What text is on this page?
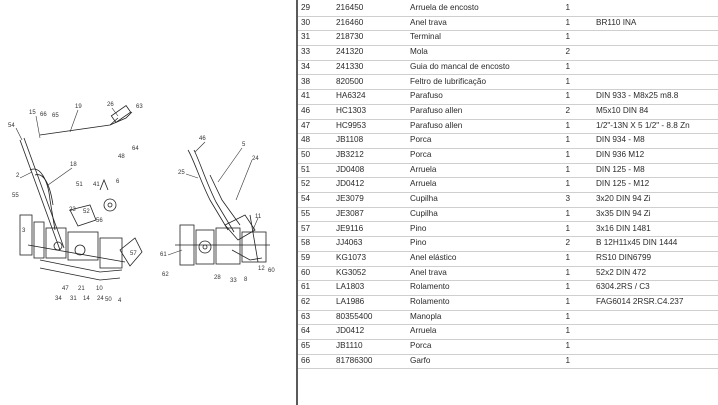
15 66 65
19	26	63
54
64
48
18
2
51 41	6
55
23 52
56
3
47 21 10
57
34 31 14 24 50 4
46
5
25
24
11
61
62	28 33 8
12 60
29	216450	Arruela de encosto	1
30	216460	Anel trava	1	BR110 INA
31	218730	Terminal	1
33	241320	Mola	2
34	241330	Guia do mancal de encosto	1
38	820500	Feltro de lubrificação	1
41	HA6324	Parafuso	1	DIN 933 - M8x25 m8.8
46	HC1303	Parafuso allen	2	M5x10 DIN 84
47	HC9953	Parafuso allen	1	1/2"-13N X 5 1/2" - 8.8 Zn
48	JB1108	Porca	1	DIN 934 - M8
50	JB3212	Porca	1	DIN 936 M12
51	JD0408	Arruela	1	DIN 125 - M8
52	JD0412	Arruela	1	DIN 125 - M12
54	JE3079	Cupilha	3	3x20 DIN 94 Zi
55	JE3087	Cupilha	1	3x35 DIN 94 Zi
57	JE9116	Pino	1	3x16 DIN 1481
58	JJ4063	Pino	2	B 12H11x45 DIN 1444
59	KG1073	Anel elástico	1	RS10 DIN6799
60	KG3052	Anel trava	1	52x2 DIN 472
61	LA1803	Rolamento	1	6304.2RS / C3
62	LA1986	Rolamento	1	FAG6014 2RSR.C4.237
63	80355400	Manopla	1
64	JD0412	Arruela	1
65	JB1110	Porca	1
66	81786300	Garfo	1
